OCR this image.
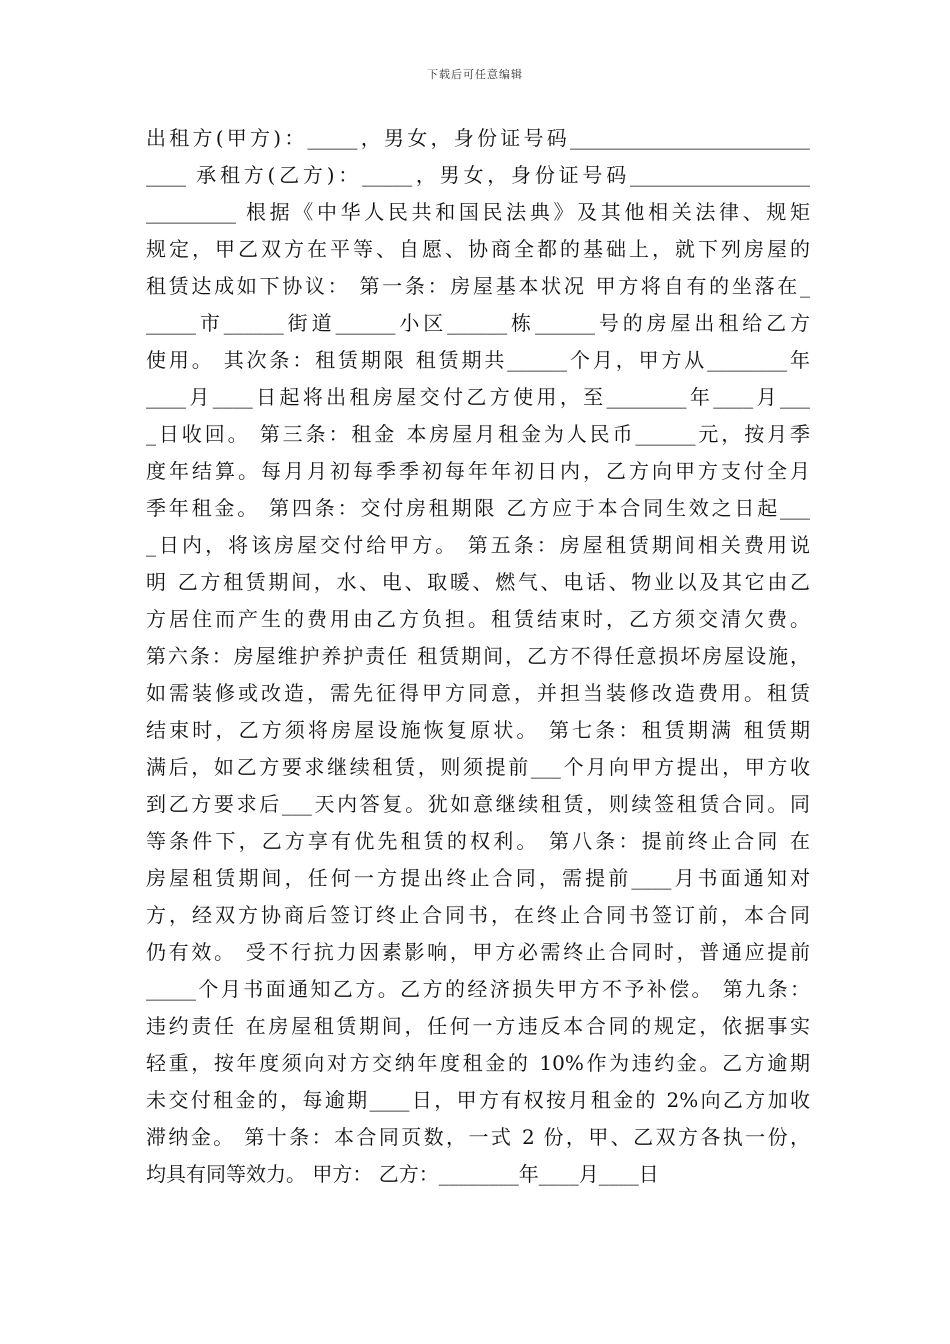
下载后可任意编辑
出租方(甲方)：_____，男女，身份证号码________________________
____ 承租方(乙方)：_____，男女，身份证号码__________________
_________ 根据《中华人民共和国民法典》及其他相关法律、规矩
规定，甲乙双方在平等、自愿、协商全都的基础上，就下列房屋的
租赁达成如下协议： 第一条：房屋基本状况 甲方将自有的坐落在_
_____市______街道______小区______栋______号的房屋出租给乙方
使用。 其次条：租赁期限 租赁期共______个月，甲方从________年
____月____日起将出租房屋交付乙方使用，至________年____月___
_日收回。 第三条：租金 本房屋月租金为人民币______元，按月季
度年结算。每月月初每季季初每年年初日内，乙方向甲方支付全月
季年租金。 第四条：交付房租期限 乙方应于本合同生效之日起___
_日内，将该房屋交付给甲方。 第五条：房屋租赁期间相关费用说
明 乙方租赁期间，水、电、取暖、燃气、电话、物业以及其它由乙
方居住而产生的费用由乙方负担。租赁结束时，乙方须交清欠费。
第六条：房屋维护养护责任 租赁期间，乙方不得任意损坏房屋设施，
如需装修或改造，需先征得甲方同意，并担当装修改造费用。租赁
结束时，乙方须将房屋设施恢复原状。 第七条：租赁期满 租赁期
满后，如乙方要求继续租赁，则须提前___个月向甲方提出，甲方收
到乙方要求后___天内答复。犹如意继续租赁，则续签租赁合同。同
等条件下，乙方享有优先租赁的权利。 第八条：提前终止合同 在
房屋租赁期间，任何一方提出终止合同，需提前____月书面通知对
方，经双方协商后签订终止合同书，在终止合同书签订前，本合同
仍有效。 受不行抗力因素影响，甲方必需终止合同时，普通应提前
_____个月书面通知乙方。乙方的经济损失甲方不予补偿。 第九条：
违约责任 在房屋租赁期间，任何一方违反本合同的规定，依据事实
轻重，按年度须向对方交纳年度租金的 10%作为违约金。乙方逾期
未交付租金的，每逾期____日，甲方有权按月租金的 2%向乙方加收
滞纳金。 第十条：本合同页数，一式 2 份，甲、乙双方各执一份，
均具有同等效力。 甲方： 乙方：________年____月____日
